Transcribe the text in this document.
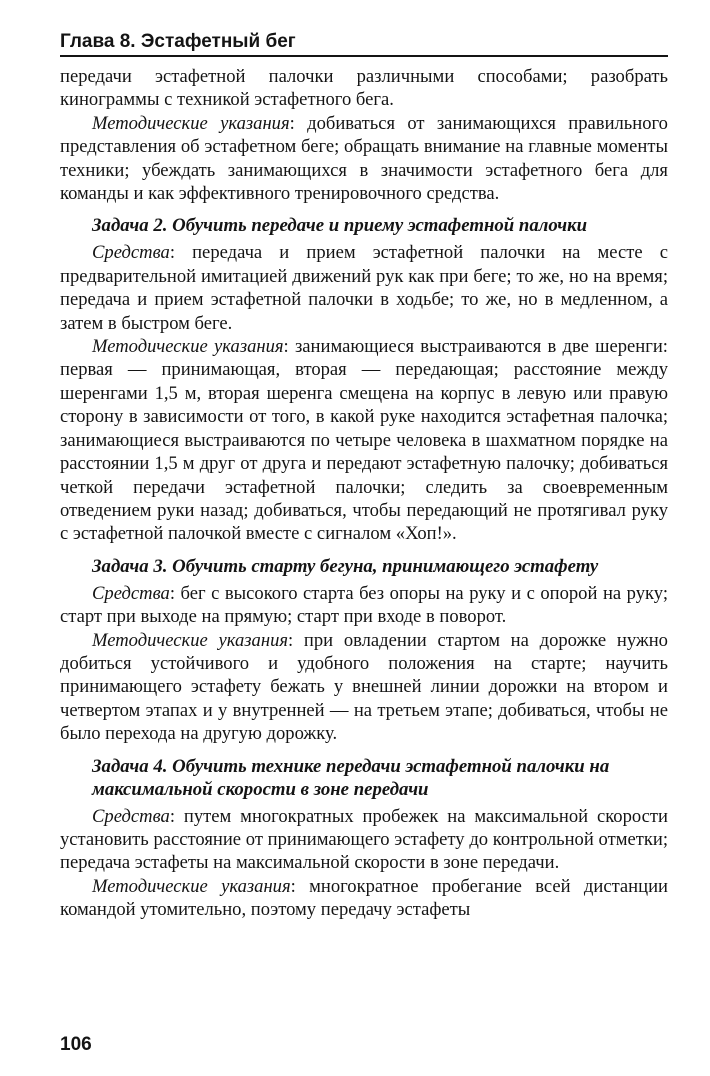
Глава 8. Эстафетный бег

передачи эстафетной палочки различными способами; разобрать кинограммы с техникой эстафетного бега.

Методические указания: добиваться от занимающихся правильного представления об эстафетном беге; обращать внимание на главные моменты техники; убеждать занимающихся в значимости эстафетного бега для команды и как эффективного тренировочного средства.

Задача 2. Обучить передаче и приему эстафетной палочки

Средства: передача и прием эстафетной палочки на месте с предварительной имитацией движений рук как при беге; то же, но на время; передача и прием эстафетной палочки в ходьбе; то же, но в медленном, а затем в быстром беге.

Методические указания: занимающиеся выстраиваются в две шеренги: первая — принимающая, вторая — передающая; расстояние между шеренгами 1,5 м, вторая шеренга смещена на корпус в левую или правую сторону в зависимости от того, в какой руке находится эстафетная палочка; занимающиеся выстраиваются по четыре человека в шахматном порядке на расстоянии 1,5 м друг от друга и передают эстафетную палочку; добиваться четкой передачи эстафетной палочки; следить за своевременным отведением руки назад; добиваться, чтобы передающий не протягивал руку с эстафетной палочкой вместе с сигналом «Хоп!».

Задача 3. Обучить старту бегуна, принимающего эстафету

Средства: бег с высокого старта без опоры на руку и с опорой на руку; старт при выходе на прямую; старт при входе в поворот.

Методические указания: при овладении стартом на дорожке нужно добиться устойчивого и удобного положения на старте; научить принимающего эстафету бежать у внешней линии дорожки на втором и четвертом этапах и у внутренней — на третьем этапе; добиваться, чтобы не было перехода на другую дорожку.

Задача 4. Обучить технике передачи эстафетной палочки на максимальной скорости в зоне передачи

Средства: путем многократных пробежек на максимальной скорости установить расстояние от принимающего эстафету до контрольной отметки; передача эстафеты на максимальной скорости в зоне передачи.

Методические указания: многократное пробегание всей дистанции командой утомительно, поэтому передачу эстафеты

106
